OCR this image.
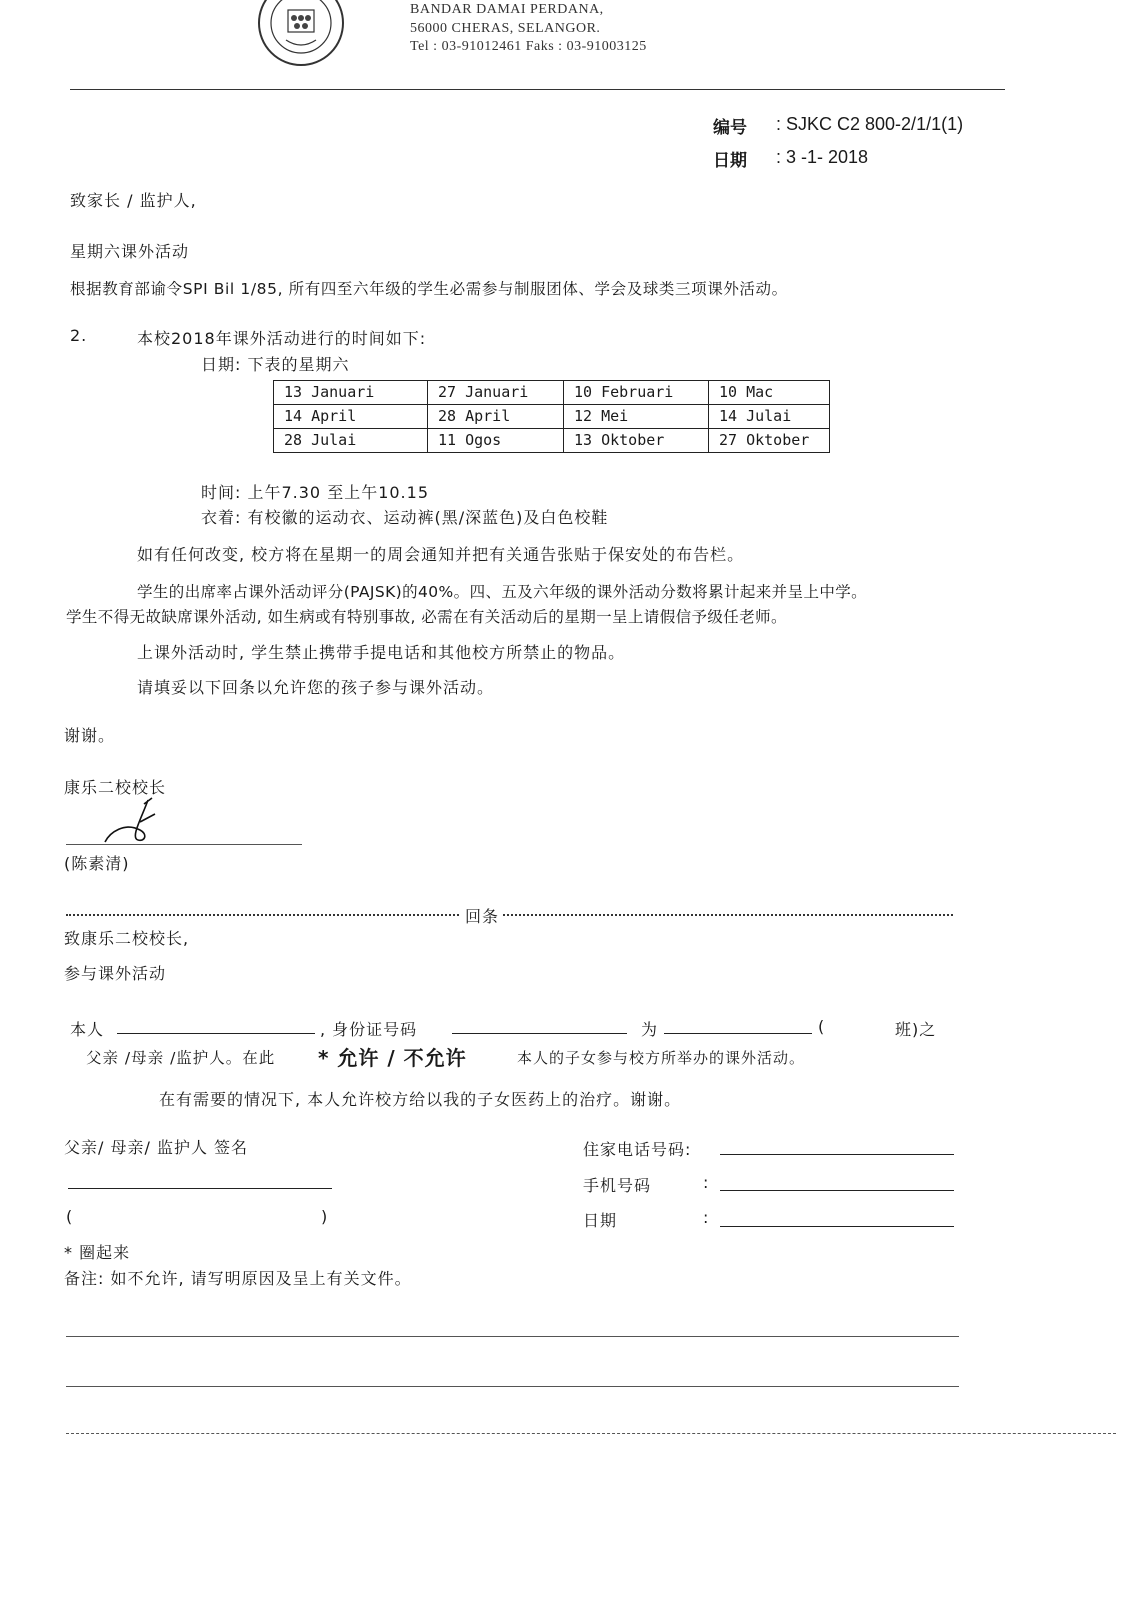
BANDAR DAMAI PERDANA,
56000 CHERAS, SELANGOR.
Tel : 03-91012461 Faks : 03-91003125
编号 : SJKC C2 800-2/1/1(1)
日期 : 3 -1- 2018
致家长 / 监护人,
星期六课外活动
根据教育部谕令SPI Bil 1/85, 所有四至六年级的学生必需参与制服团体、学会及球类三项课外活动。
2.	本校2018年课外活动进行的时间如下:
日期: 下表的星期六
13 Januari	27 Januari	10 Februari	10 Mac
14 April	28 April	12 Mei	14 Julai
28 Julai	11 Ogos	13 Oktober	27 Oktober
时间: 上午7.30 至上午10.15
衣着: 有校徽的运动衣、运动裤(黑/深蓝色)及白色校鞋
如有任何改变, 校方将在星期一的周会通知并把有关通告张贴于保安处的布告栏。
学生的出席率占课外活动评分(PAJSK)的40%。四、五及六年级的课外活动分数将累计起来并呈上中学。
学生不得无故缺席课外活动, 如生病或有特别事故, 必需在有关活动后的星期一呈上请假信予级任老师。
上课外活动时, 学生禁止携带手提电话和其他校方所禁止的物品。
请填妥以下回条以允许您的孩子参与课外活动。
谢谢。
康乐二校校长
(陈素清)
回条
致康乐二校校长,
参与课外活动
本人	, 身份证号码	为	(	班)之
父亲 /母亲 /监护人。在此 * 允许 / 不允许	本人的子女参与校方所举办的课外活动。
在有需要的情况下, 本人允许校方给以我的子女医药上的治疗。谢谢。
父亲/ 母亲/ 监护人 签名
(	)
住家电话号码:
手机号码	:
日期	:
* 圈起来
备注: 如不允许, 请写明原因及呈上有关文件。
